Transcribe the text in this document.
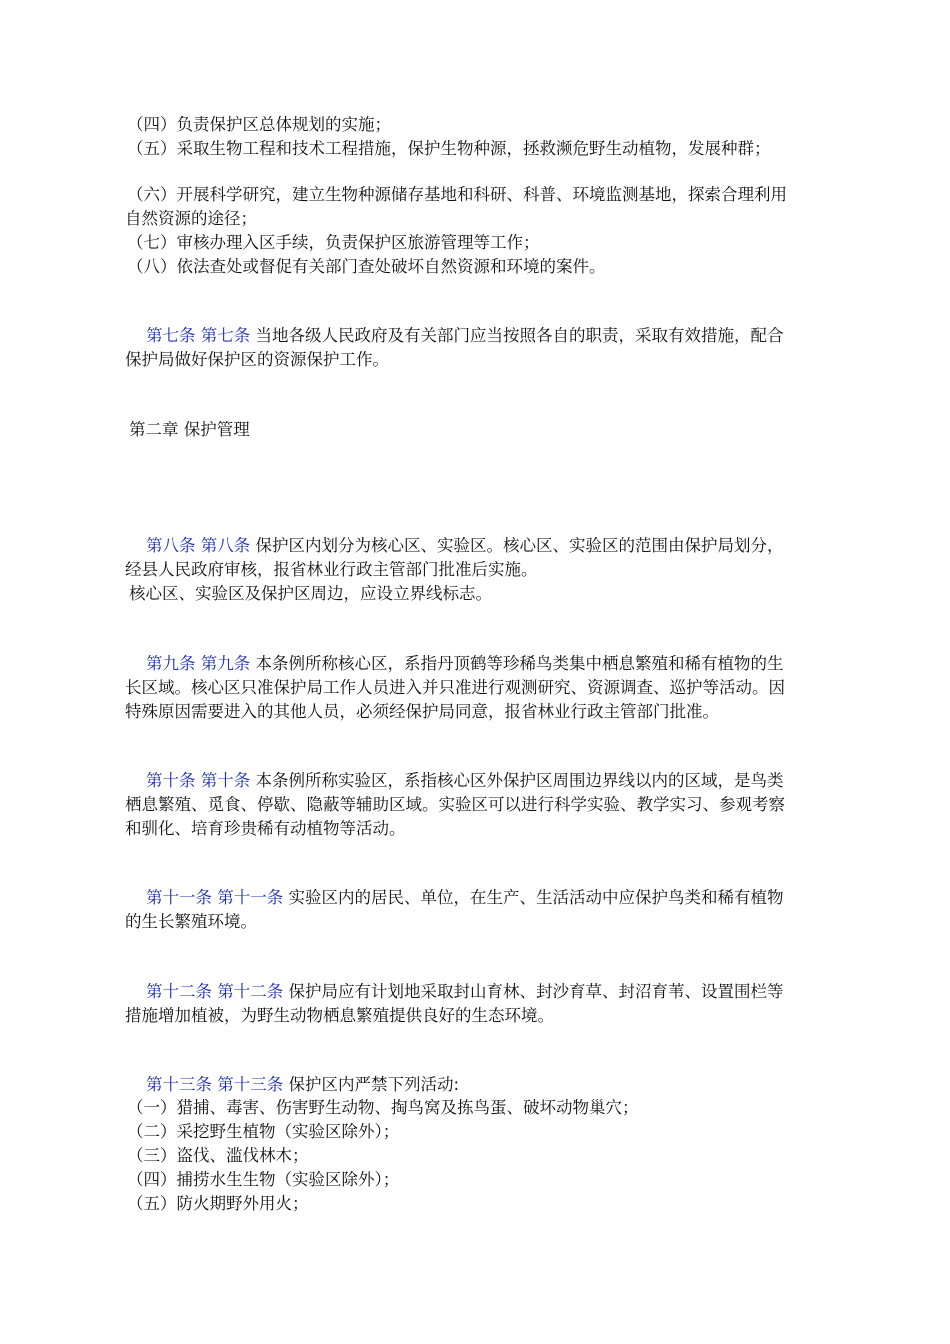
（四）负责保护区总体规划的实施；
（五）采取生物工程和技术工程措施，保护生物种源，拯救濒危野生动植物，发展种群；
（六）开展科学研究，建立生物种源储存基地和科研、科普、环境监测基地，探索合理利用
自然资源的途径；
（七）审核办理入区手续，负责保护区旅游管理等工作；
（八）依法查处或督促有关部门查处破坏自然资源和环境的案件。
第七条 第七条 当地各级人民政府及有关部门应当按照各自的职责，采取有效措施，配合
保护局做好保护区的资源保护工作。
第二章 保护管理
第八条 第八条 保护区内划分为核心区、实验区。核心区、实验区的范围由保护局划分，
经县人民政府审核，报省林业行政主管部门批准后实施。
核心区、实验区及保护区周边，应设立界线标志。
第九条 第九条 本条例所称核心区，系指丹顶鹤等珍稀鸟类集中栖息繁殖和稀有植物的生
长区域。核心区只准保护局工作人员进入并只准进行观测研究、资源调查、巡护等活动。因
特殊原因需要进入的其他人员，必须经保护局同意，报省林业行政主管部门批准。
第十条 第十条 本条例所称实验区，系指核心区外保护区周围边界线以内的区域，是鸟类
栖息繁殖、觅食、停歇、隐蔽等辅助区域。实验区可以进行科学实验、教学实习、参观考察
和驯化、培育珍贵稀有动植物等活动。
第十一条 第十一条 实验区内的居民、单位，在生产、生活活动中应保护鸟类和稀有植物
的生长繁殖环境。
第十二条 第十二条 保护局应有计划地采取封山育林、封沙育草、封沼育苇、设置围栏等
措施增加植被，为野生动物栖息繁殖提供良好的生态环境。
第十三条 第十三条 保护区内严禁下列活动:
（一）猎捕、毒害、伤害野生动物、掏鸟窝及拣鸟蛋、破坏动物巢穴；
（二）采挖野生植物（实验区除外）；
（三）盗伐、滥伐林木；
（四）捕捞水生生物（实验区除外）；
（五）防火期野外用火；
